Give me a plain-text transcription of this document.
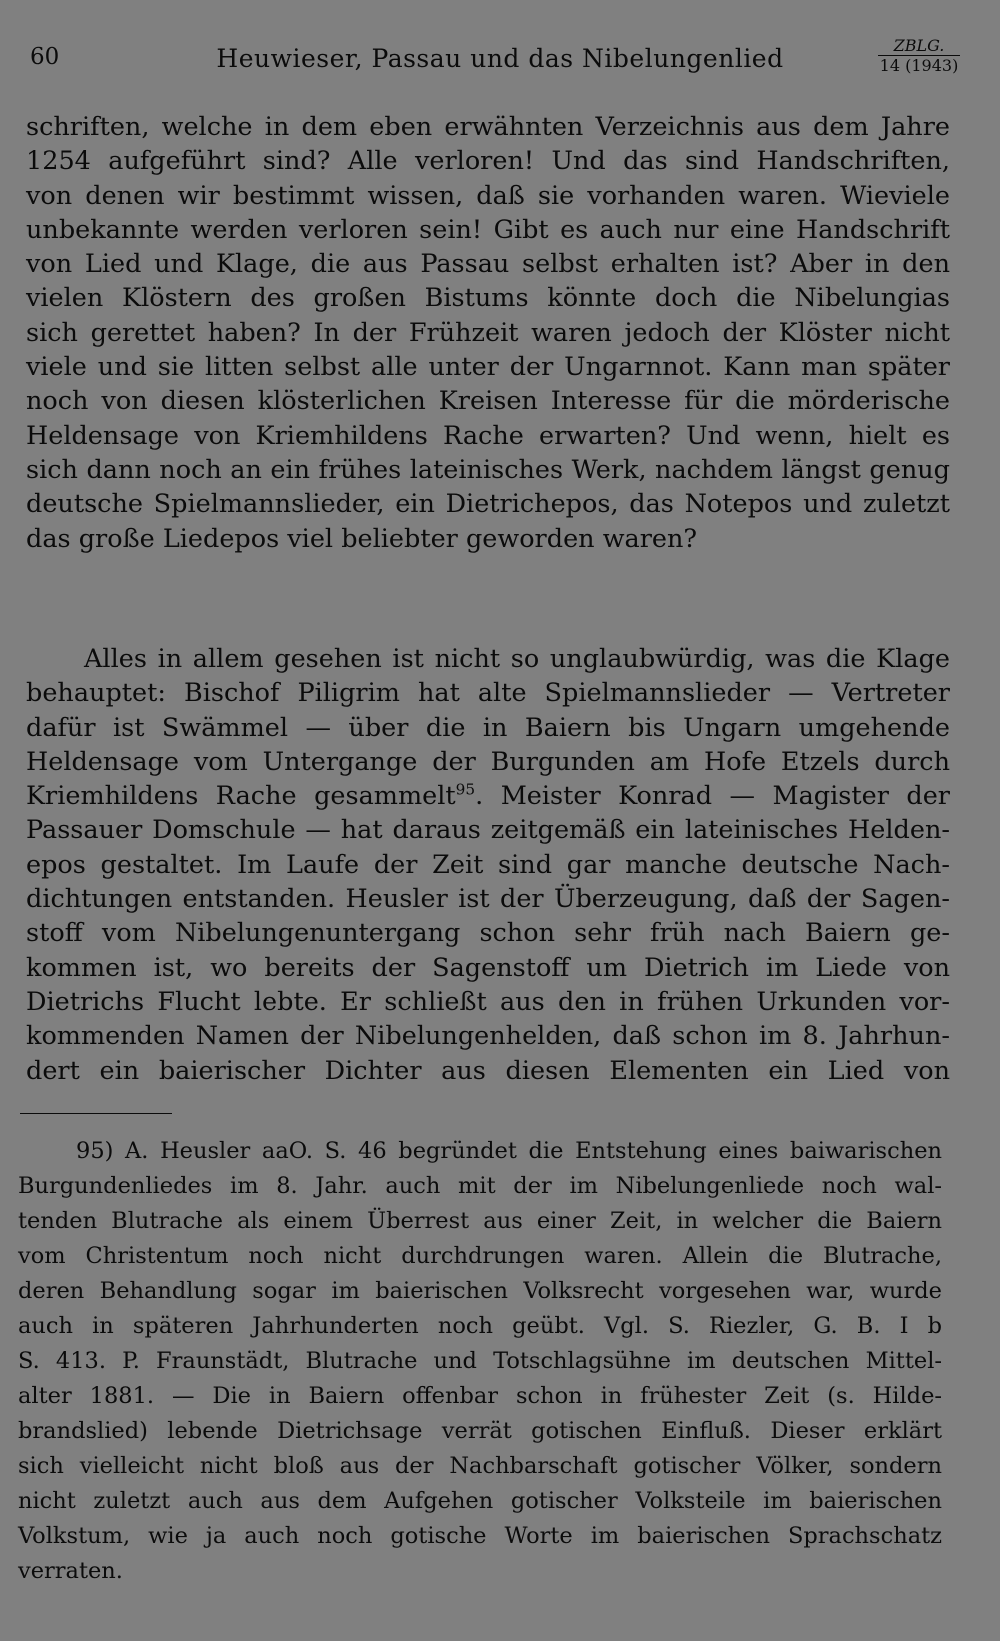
60	Heuwieser, Passau und das Nibelungenlied	ZBLG.
14 (1943)
schriften, welche in dem eben erwähnten Verzeichnis aus dem Jahre
1254 aufgeführt sind? Alle verloren! Und das sind Handschriften,
von denen wir bestimmt wissen, daß sie vorhanden waren. Wieviele
unbekannte werden verloren sein! Gibt es auch nur eine Handschrift
von Lied und Klage, die aus Passau selbst erhalten ist? Aber in den
vielen Klöstern des großen Bistums könnte doch die Nibelungias
sich gerettet haben? In der Frühzeit waren jedoch der Klöster nicht
viele und sie litten selbst alle unter der Ungarnnot. Kann man später
noch von diesen klösterlichen Kreisen Interesse für die mörderische
Heldensage von Kriemhildens Rache erwarten? Und wenn, hielt es
sich dann noch an ein frühes lateinisches Werk, nachdem längst genug
deutsche Spielmannslieder, ein Dietrichepos, das Notepos und zuletzt
das große Liedepos viel beliebter geworden waren?
Alles in allem gesehen ist nicht so unglaubwürdig, was die Klage
behauptet: Bischof Piligrim hat alte Spielmannslieder — Vertreter
dafür ist Swämmel — über die in Baiern bis Ungarn umgehende
Heldensage vom Untergange der Burgunden am Hofe Etzels durch
Kriemhildens Rache gesammelt$^{95}$. Meister Konrad — Magister der
Passauer Domschule — hat daraus zeitgemäß ein lateinisches Helden-
epos gestaltet. Im Laufe der Zeit sind gar manche deutsche Nach-
dichtungen entstanden. Heusler ist der Überzeugung, daß der Sagen-
stoff vom Nibelungenuntergang schon sehr früh nach Baiern ge-
kommen ist, wo bereits der Sagenstoff um Dietrich im Liede von
Dietrichs Flucht lebte. Er schließt aus den in frühen Urkunden vor-
kommenden Namen der Nibelungenhelden, daß schon im 8. Jahrhun-
dert ein baierischer Dichter aus diesen Elementen ein Lied von
95) A. Heusler aaO. S. 46 begründet die Entstehung eines baiwarischen
Burgundenliedes im 8. Jahr. auch mit der im Nibelungenliede noch wal-
tenden Blutrache als einem Überrest aus einer Zeit, in welcher die Baiern
vom Christentum noch nicht durchdrungen waren. Allein die Blutrache,
deren Behandlung sogar im baierischen Volksrecht vorgesehen war, wurde
auch in späteren Jahrhunderten noch geübt. Vgl. S. Riezler, G. B. I b
S. 413. P. Fraunstädt, Blutrache und Totschlagsühne im deutschen Mittel-
alter 1881. — Die in Baiern offenbar schon in frühester Zeit (s. Hilde-
brandslied) lebende Dietrichsage verrät gotischen Einfluß. Dieser erklärt
sich vielleicht nicht bloß aus der Nachbarschaft gotischer Völker, sondern
nicht zuletzt auch aus dem Aufgehen gotischer Volksteile im baierischen
Volkstum, wie ja auch noch gotische Worte im baierischen Sprachschatz
verraten.
